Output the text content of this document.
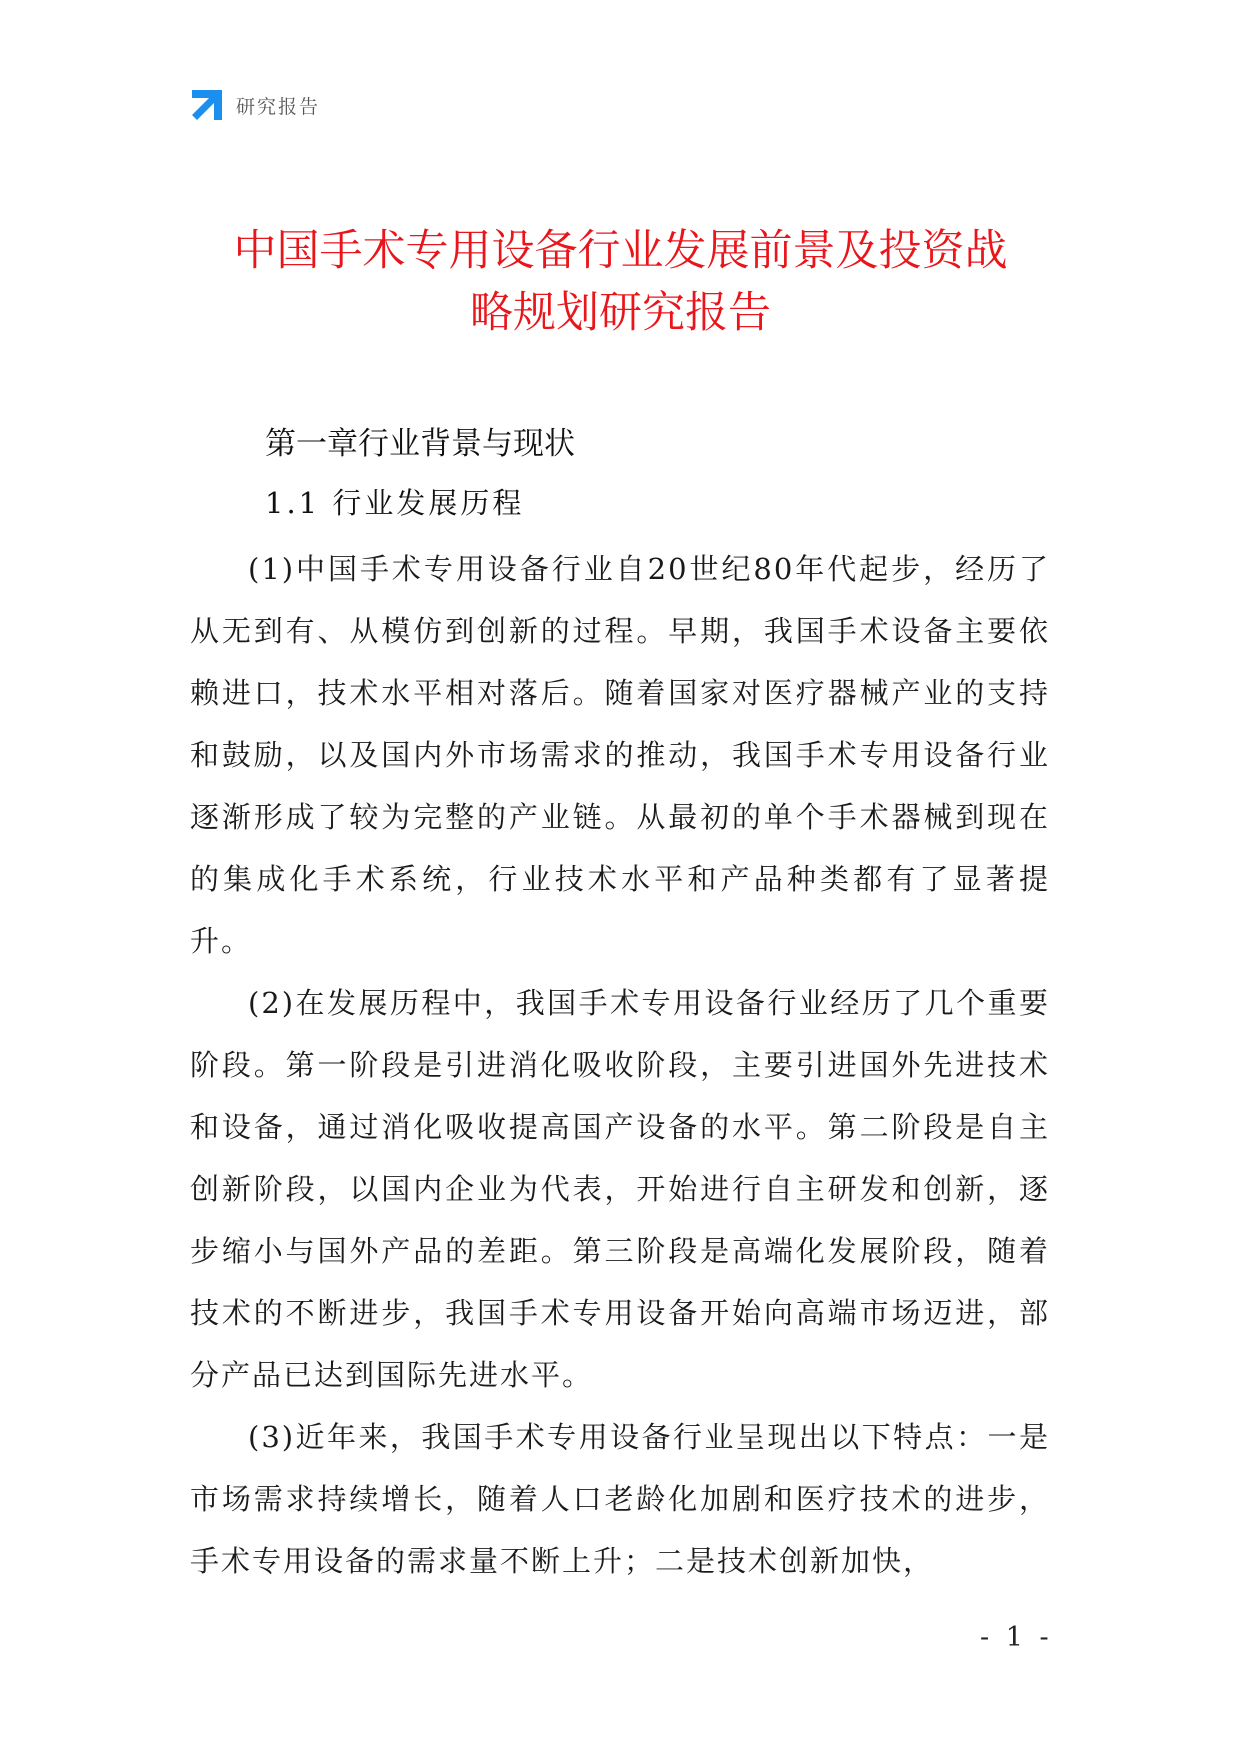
研究报告
中国手术专用设备行业发展前景及投资战
略规划研究报告
第一章行业背景与现状
1.1 行业发展历程

(1)中国手术专用设备行业自20世纪80年代起步，经历了从无到有、从模仿到创新的过程。早期，我国手术设备主要依赖进口，技术水平相对落后。随着国家对医疗器械产业的支持和鼓励，以及国内外市场需求的推动，我国手术专用设备行业逐渐形成了较为完整的产业链。从最初的单个手术器械到现在的集成化手术系统，行业技术水平和产品种类都有了显著提升。

(2)在发展历程中，我国手术专用设备行业经历了几个重要阶段。第一阶段是引进消化吸收阶段，主要引进国外先进技术和设备，通过消化吸收提高国产设备的水平。第二阶段是自主创新阶段，以国内企业为代表，开始进行自主研发和创新，逐步缩小与国外产品的差距。第三阶段是高端化发展阶段，随着技术的不断进步，我国手术专用设备开始向高端市场迈进，部分产品已达到国际先进水平。

(3)近年来，我国手术专用设备行业呈现出以下特点：一是市场需求持续增长，随着人口老龄化加剧和医疗技术的进步，手术专用设备的需求量不断上升；二是技术创新加快，

- 1 -
